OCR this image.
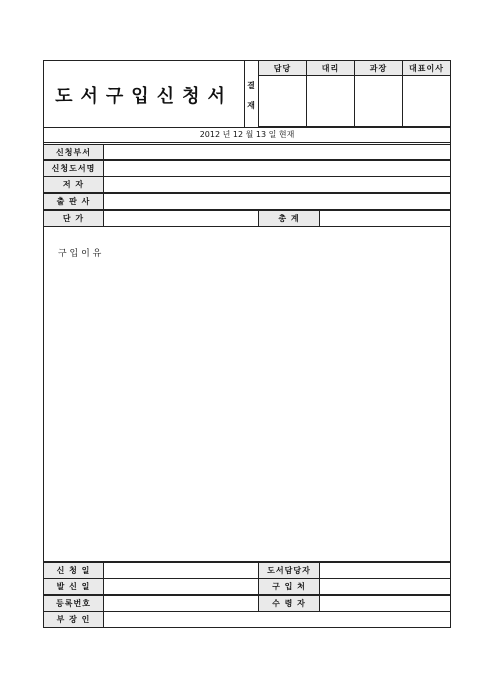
도서구입신청서
결
재
담당	대리	과장	대표이사
2012 년 12 월 13 일 현재
신청부서
신청도서명
저 자
출 판 사
단 가	총 계
구 입 이 유
신 청 일	도서담당자
발 신 일	구 입 처
등록번호	수 령 자
부 장 인
